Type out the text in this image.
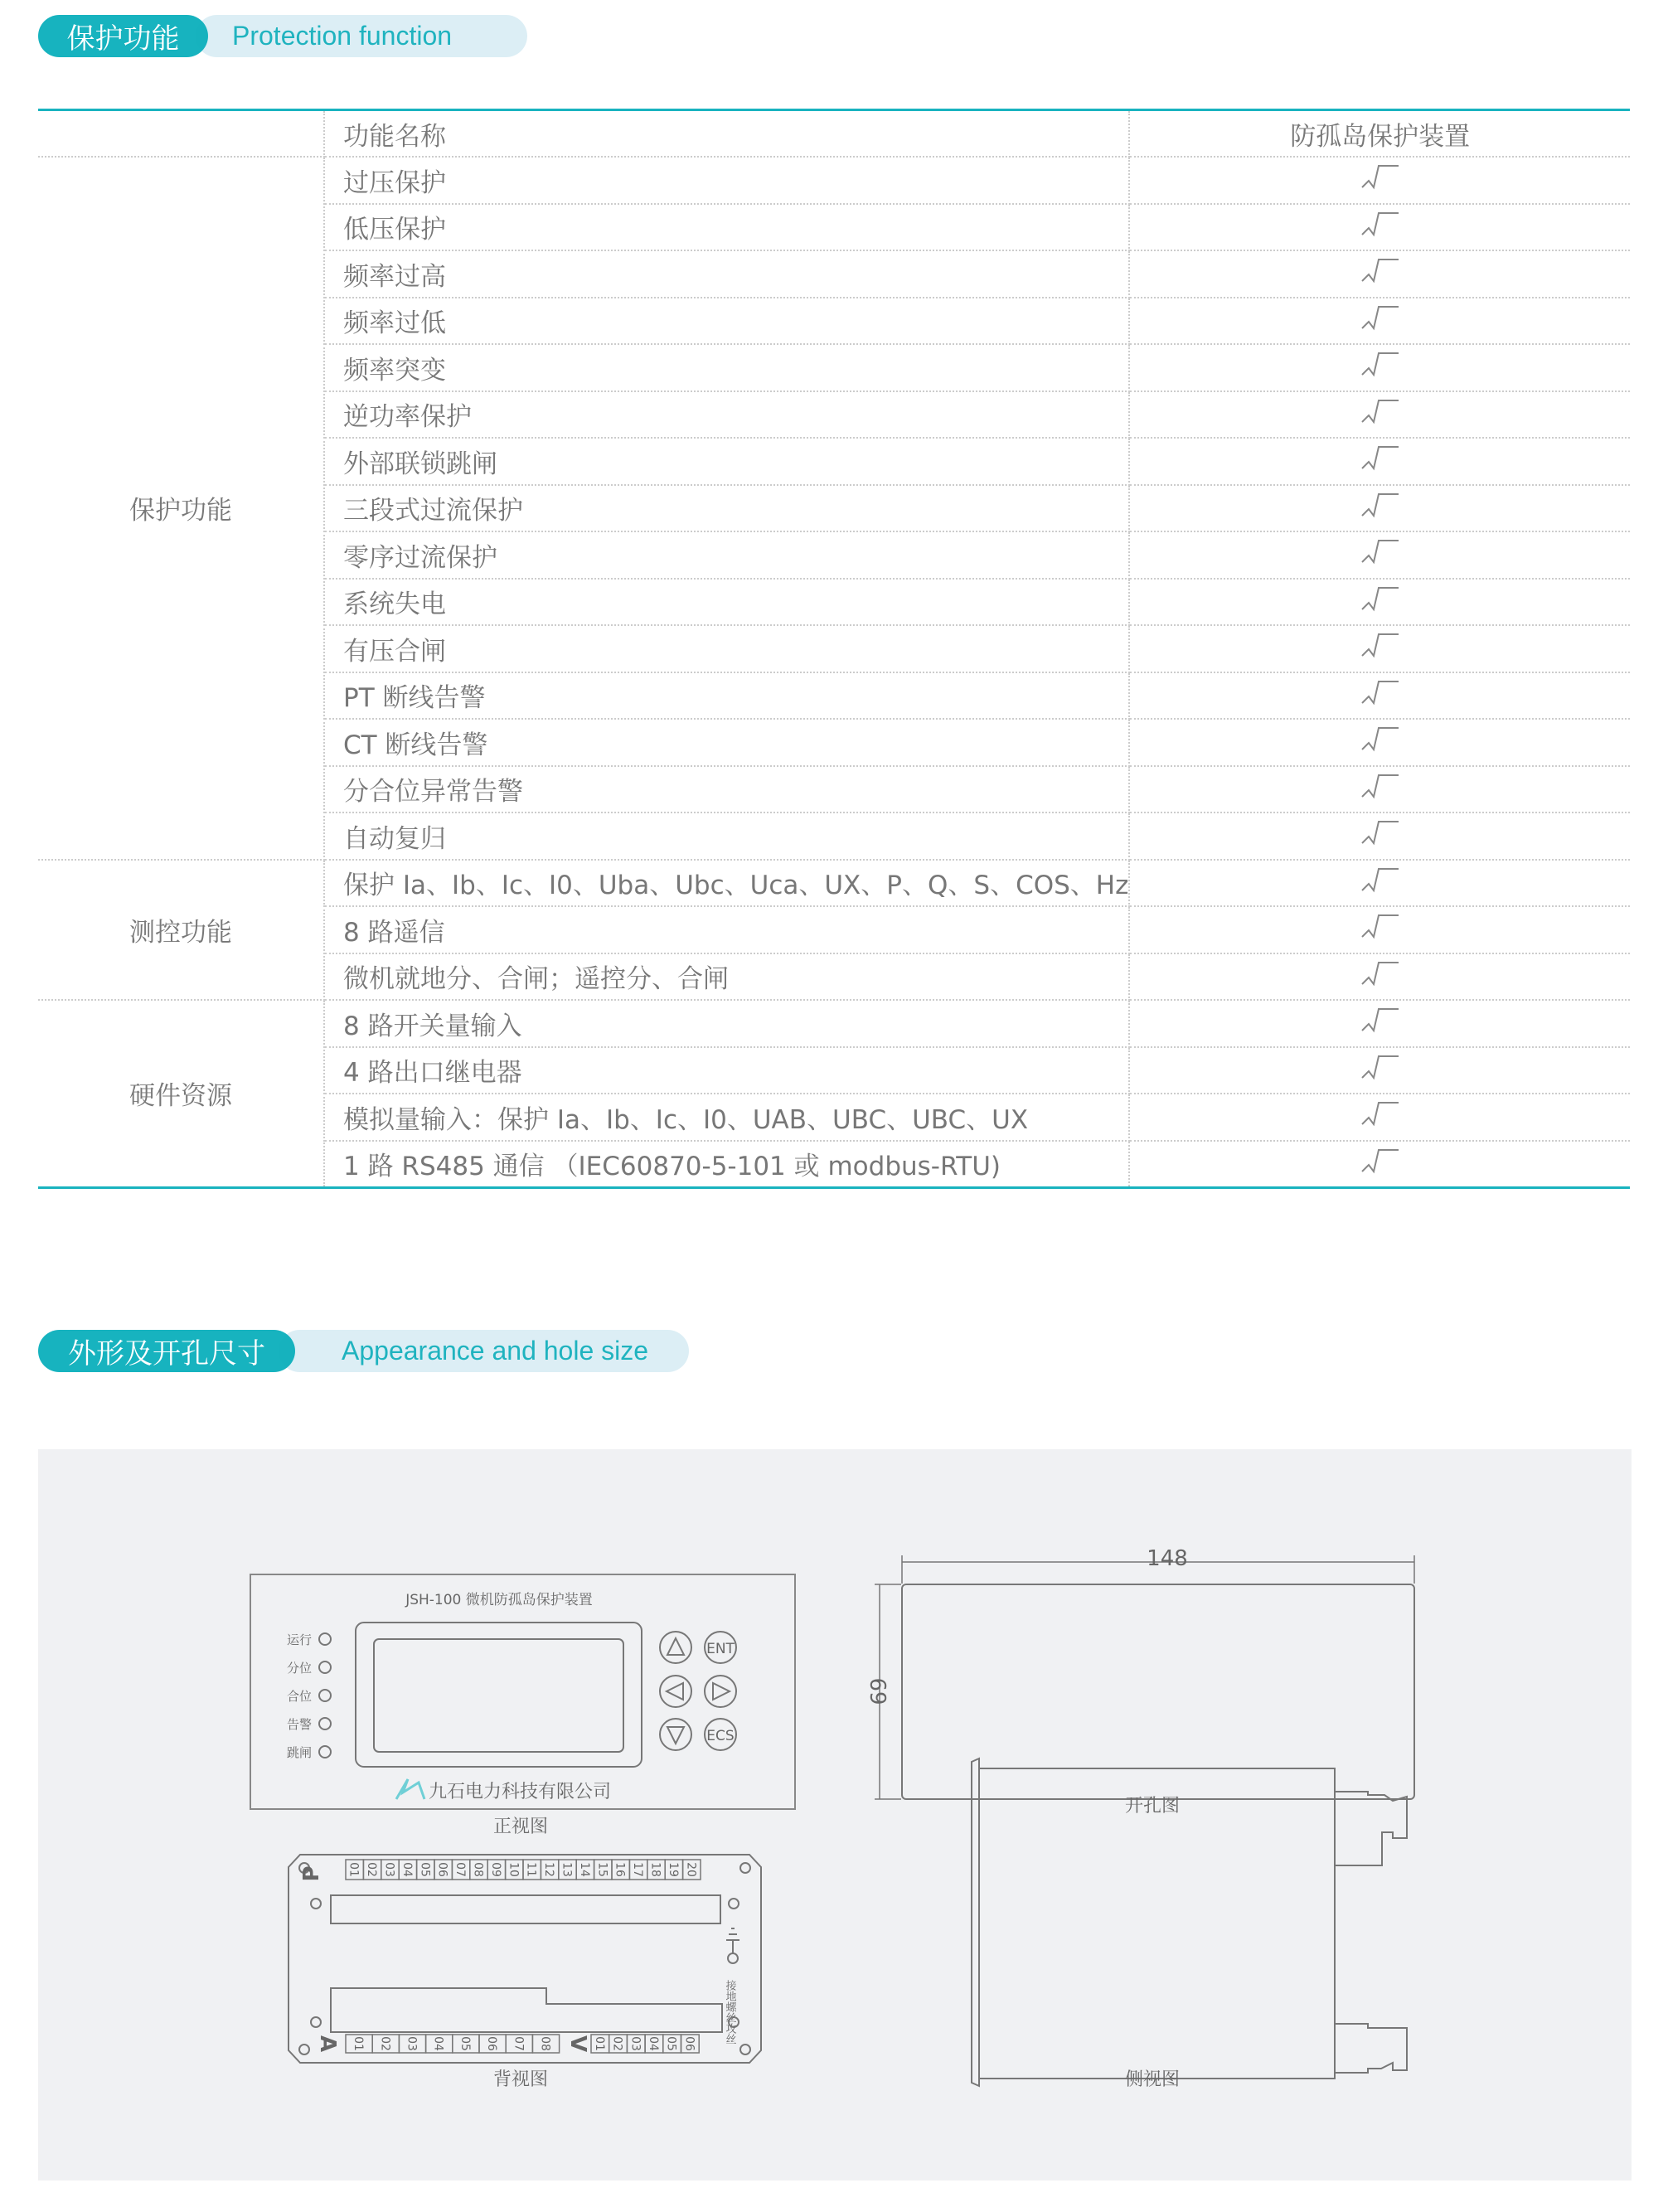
Protection function
保护功能
	功能名称	防孤岛保护装置
保护功能	过压保护	
	低压保护	
	频率过高	
	频率过低	
	频率突变	
	逆功率保护	
	外部联锁跳闸	
	三段式过流保护	
	零序过流保护	
	系统失电	
	有压合闸	
	PT 断线告警	
	CT 断线告警	
	分合位异常告警	
	自动复归	
测控功能	保护 Ia、Ib、Ic、I0、Uba、Ubc、Uca、UX、P、Q、S、COS、Hz	
	8 路遥信	
	微机就地分、合闸；遥控分、合闸	
硬件资源	8 路开关量输入	
	4 路出口继电器	
	模拟量输入：保护 Ia、Ib、Ic、I0、UAB、UBC、UBC、UX	
	1 路 RS485 通信 （IEC60870-5-101 或 modbus-RTU)	
Appearance and hole size
外形及开孔尺寸
JSH-100 微机防孤岛保护装置
运行
分位
合位
告警
跳闸
ENT
ECS
九石电力科技有限公司
正视图
P
A	V
01 02 03 04 05 06 07 08 09 10 11 12 13 14 15 16 17 18 19 20
01 02 03 04 05 06 07 08	01 02 03 04 05 06	接地螺丝攻丝
背视图
148
69
开孔图
侧视图
